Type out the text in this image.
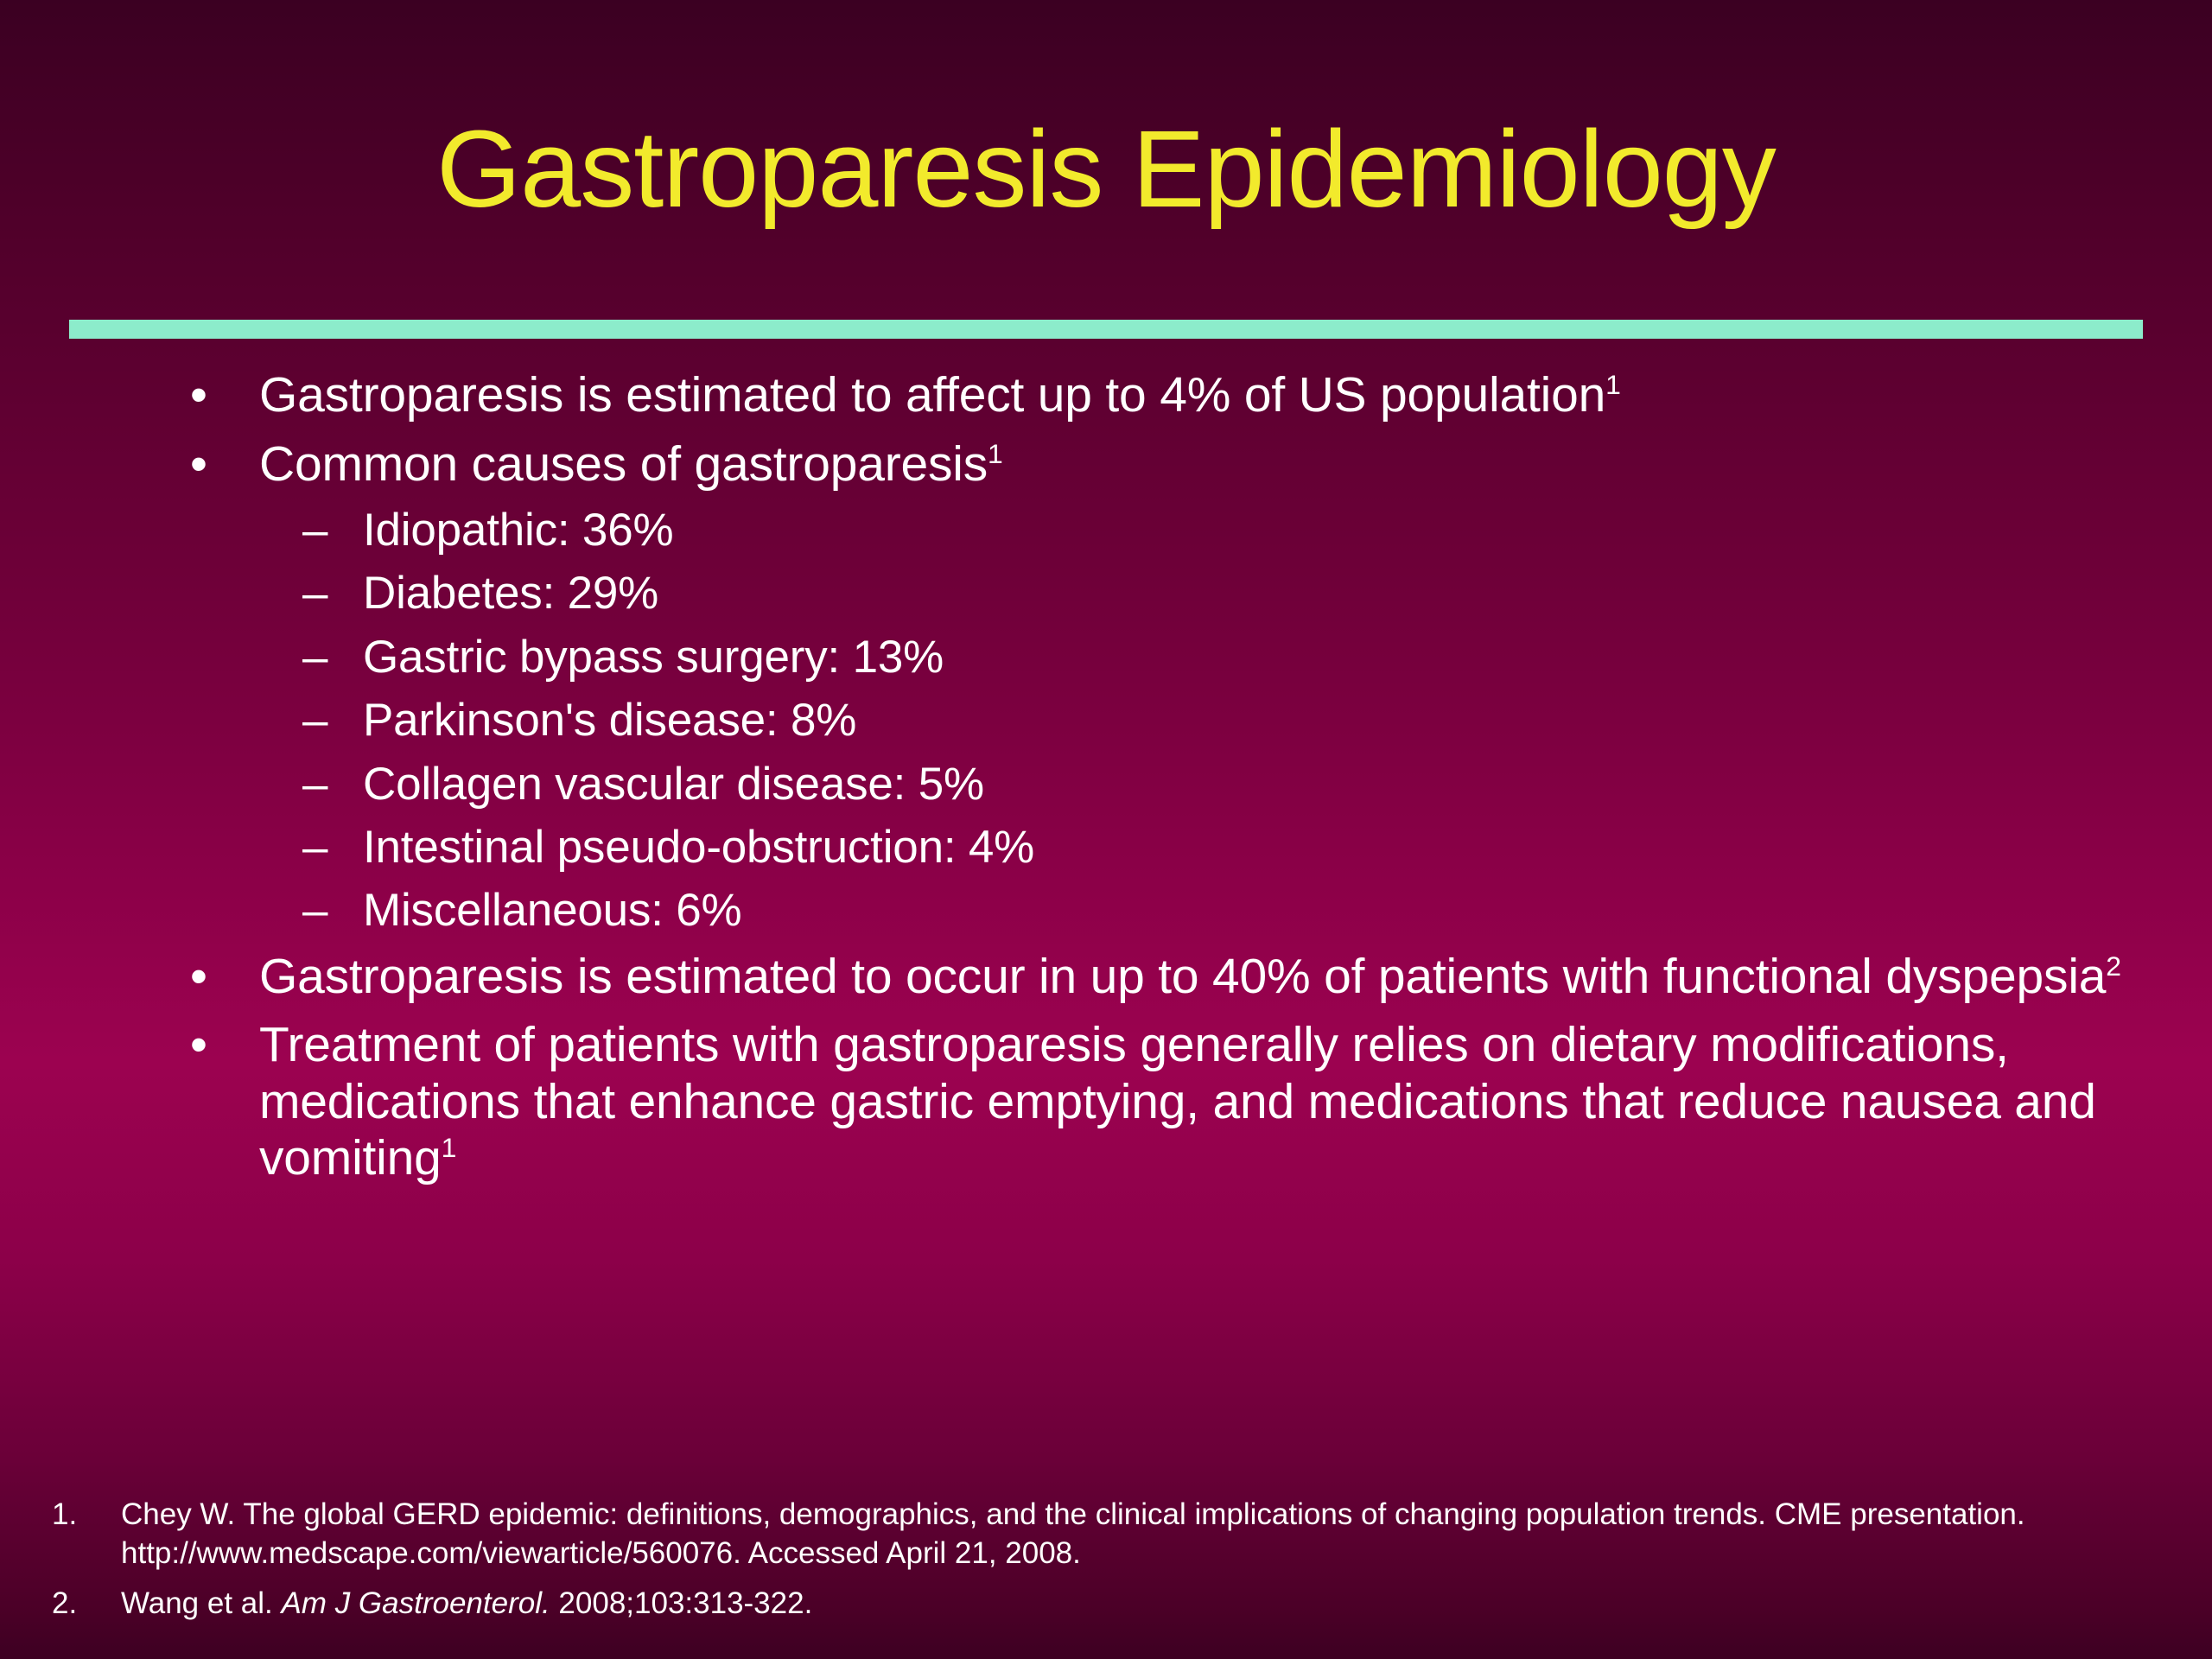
Gastroparesis Epidemiology
• Gastroparesis is estimated to affect up to 4% of US population$^1$
• Common causes of gastroparesis$^1$
– Idiopathic: 36%
– Diabetes: 29%
– Gastric bypass surgery: 13%
– Parkinson's disease: 8%
– Collagen vascular disease: 5%
– Intestinal pseudo-obstruction: 4%
– Miscellaneous: 6%
• Gastroparesis is estimated to occur in up to 40% of patients with functional dyspepsia$^2$
• Treatment of patients with gastroparesis generally relies on dietary modifications, medications that enhance gastric emptying, and medications that reduce nausea and vomiting$^1$
1. Chey W. The global GERD epidemic: definitions, demographics, and the clinical implications of changing population trends. CME presentation. http://www.medscape.com/viewarticle/560076. Accessed April 21, 2008.
2. Wang et al. Am J Gastroenterol. 2008;103:313-322.
